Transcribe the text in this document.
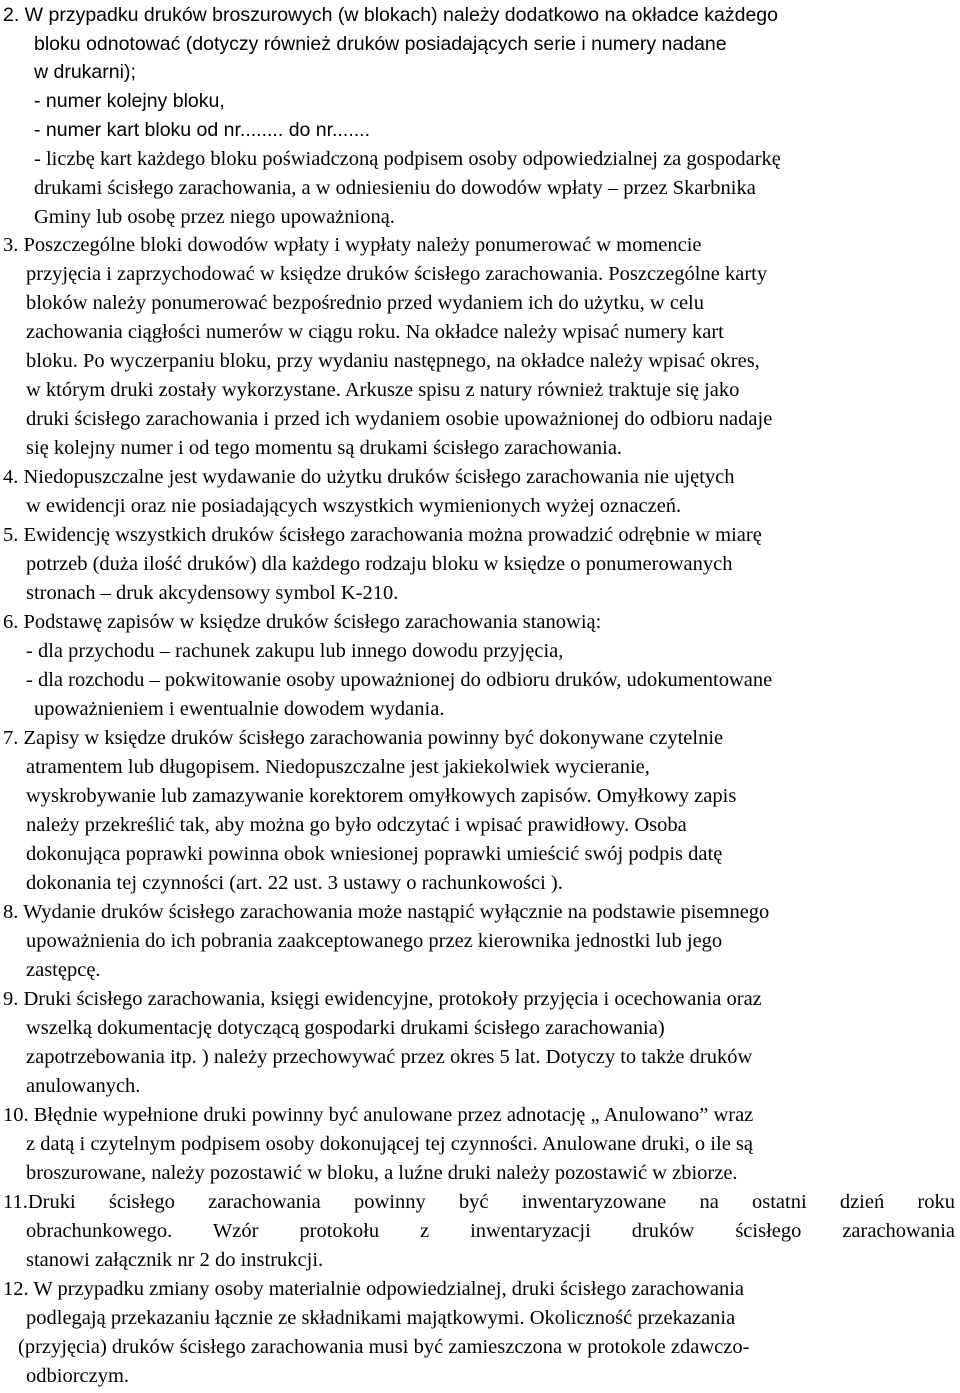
2. W przypadku druków broszurowych (w blokach) należy dodatkowo na okładce każdego

bloku odnotować (dotyczy również druków posiadających serie i numery nadane

w drukarni);

- numer kolejny bloku,

- numer kart bloku od nr........ do nr.......

- liczbę kart każdego bloku poświadczoną podpisem osoby odpowiedzialnej za gospodarkę

drukami ścisłego zarachowania, a w odniesieniu do dowodów wpłaty – przez Skarbnika

Gminy lub osobę przez niego upoważnioną.

3. Poszczególne bloki dowodów wpłaty i wypłaty należy ponumerować w momencie

przyjęcia i zaprzychodować w księdze druków ścisłego zarachowania. Poszczególne karty

bloków należy ponumerować bezpośrednio przed wydaniem ich do użytku, w celu

zachowania ciągłości numerów w ciągu roku. Na okładce należy wpisać numery kart

bloku. Po wyczerpaniu bloku, przy wydaniu następnego, na okładce należy wpisać okres,

w którym druki zostały wykorzystane. Arkusze spisu z natury również traktuje się jako

druki ścisłego zarachowania i przed ich wydaniem osobie upoważnionej do odbioru nadaje

się kolejny numer i od tego momentu są drukami ścisłego zarachowania.

4. Niedopuszczalne jest wydawanie do użytku druków ścisłego zarachowania nie ujętych

w ewidencji oraz nie posiadających wszystkich wymienionych wyżej oznaczeń.

5. Ewidencję wszystkich druków ścisłego zarachowania można prowadzić odrębnie w miarę

potrzeb (duża ilość druków) dla każdego rodzaju bloku w księdze o ponumerowanych

stronach – druk akcydensowy symbol K-210.

6. Podstawę zapisów w księdze druków ścisłego zarachowania stanowią:

- dla przychodu – rachunek zakupu lub innego dowodu przyjęcia,

- dla rozchodu – pokwitowanie osoby upoważnionej do odbioru druków, udokumentowane

upoważnieniem i ewentualnie dowodem wydania.

7. Zapisy w księdze druków ścisłego zarachowania powinny być dokonywane czytelnie

atramentem lub długopisem. Niedopuszczalne jest jakiekolwiek wycieranie,

wyskrobywanie lub zamazywanie korektorem omyłkowych zapisów. Omyłkowy zapis

należy przekreślić tak, aby można go było odczytać i wpisać prawidłowy. Osoba

dokonująca poprawki powinna obok wniesionej poprawki umieścić swój podpis datę

dokonania tej czynności (art. 22 ust. 3 ustawy o rachunkowości ).

8. Wydanie druków ścisłego zarachowania może nastąpić wyłącznie na podstawie pisemnego

upoważnienia do ich pobrania zaakceptowanego przez kierownika jednostki lub jego

zastępcę.

9. Druki ścisłego zarachowania, księgi ewidencyjne, protokoły przyjęcia i ocechowania oraz

wszelką dokumentację dotyczącą gospodarki drukami ścisłego zarachowania)

zapotrzebowania itp. ) należy przechowywać przez okres 5 lat. Dotyczy to także druków

anulowanych.

10. Błędnie wypełnione druki powinny być anulowane przez adnotację „ Anulowano” wraz

z datą i czytelnym podpisem osoby dokonującej tej czynności. Anulowane druki, o ile są

broszurowane, należy pozostawić w bloku, a luźne druki należy pozostawić w zbiorze.

11.Druki ścisłego zarachowania powinny być inwentaryzowane na ostatni dzień roku

obrachunkowego. Wzór protokołu z inwentaryzacji druków ścisłego zarachowania

stanowi załącznik nr 2 do instrukcji.

12. W przypadku zmiany osoby materialnie odpowiedzialnej, druki ścisłego zarachowania

podlegają przekazaniu łącznie ze składnikami majątkowymi. Okoliczność przekazania

(przyjęcia) druków ścisłego zarachowania musi być zamieszczona w protokole zdawczo-

odbiorczym.
